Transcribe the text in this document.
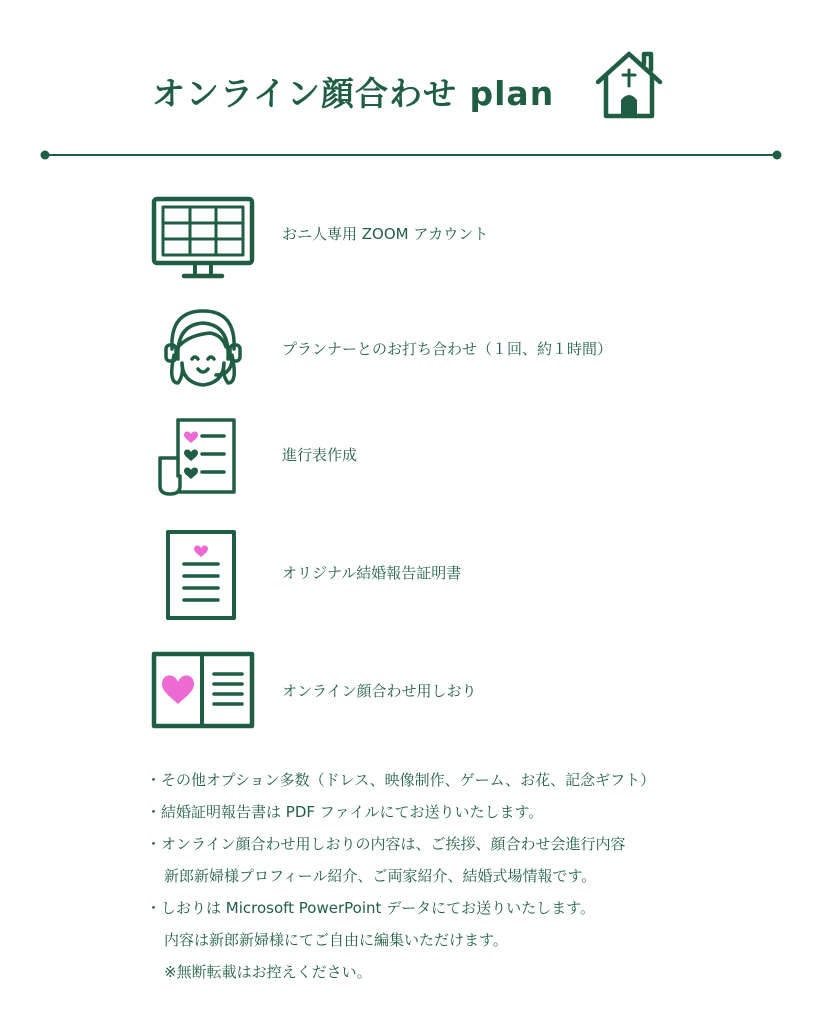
オンライン顔合わせ plan
おニ人専用 ZOOM アカウント
プランナーとのお打ち合わせ（１回、約１時間）
進行表作成
オリジナル結婚報告証明書
オンライン顔合わせ用しおり
・その他オプション多数（ドレス、映像制作、ゲーム、お花、記念ギフト）
・結婚証明報告書は PDF ファイルにてお送りいたします。
・オンライン顔合わせ用しおりの内容は、ご挨拶、顔合わせ会進行内容
新郎新婦様プロフィール紹介、ご両家紹介、結婚式場情報です。
・しおりは Microsoft PowerPoint データにてお送りいたします。
内容は新郎新婦様にてご自由に編集いただけます。
※無断転載はお控えください。
